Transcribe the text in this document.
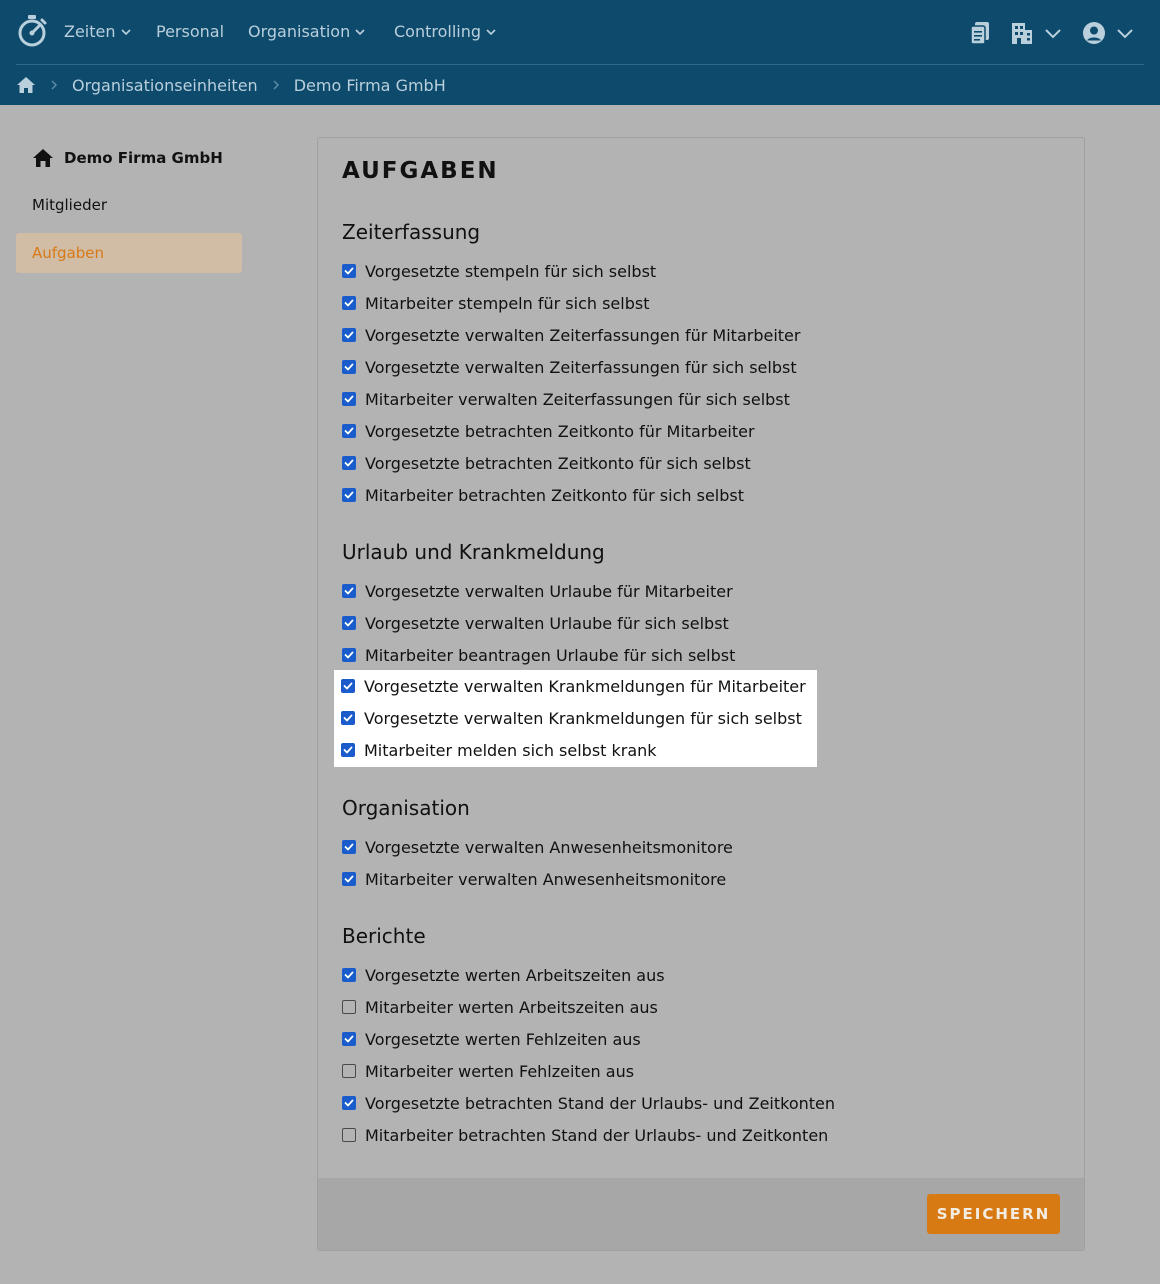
Zeiten	Personal Organisation	Controlling
Organisationseinheiten Demo Firma GmbH
Demo Firma GmbH
Mitglieder
Aufgaben
AUFGABEN
Zeiterfassung
Vorgesetzte stempeln für sich selbst
Mitarbeiter stempeln für sich selbst
Vorgesetzte verwalten Zeiterfassungen für Mitarbeiter
Vorgesetzte verwalten Zeiterfassungen für sich selbst
Mitarbeiter verwalten Zeiterfassungen für sich selbst
Vorgesetzte betrachten Zeitkonto für Mitarbeiter
Vorgesetzte betrachten Zeitkonto für sich selbst
Mitarbeiter betrachten Zeitkonto für sich selbst
Urlaub und Krankmeldung
Vorgesetzte verwalten Urlaube für Mitarbeiter
Vorgesetzte verwalten Urlaube für sich selbst
Mitarbeiter beantragen Urlaube für sich selbst
Organisation
Vorgesetzte verwalten Anwesenheitsmonitore
Mitarbeiter verwalten Anwesenheitsmonitore
Berichte
Vorgesetzte werten Arbeitszeiten aus
Mitarbeiter werten Arbeitszeiten aus
Vorgesetzte werten Fehlzeiten aus
Mitarbeiter werten Fehlzeiten aus
Vorgesetzte betrachten Stand der Urlaubs- und Zeitkonten
Mitarbeiter betrachten Stand der Urlaubs- und Zeitkonten
SPEICHERN
Vorgesetzte verwalten Krankmeldungen für Mitarbeiter
Vorgesetzte verwalten Krankmeldungen für sich selbst
Mitarbeiter melden sich selbst krank
